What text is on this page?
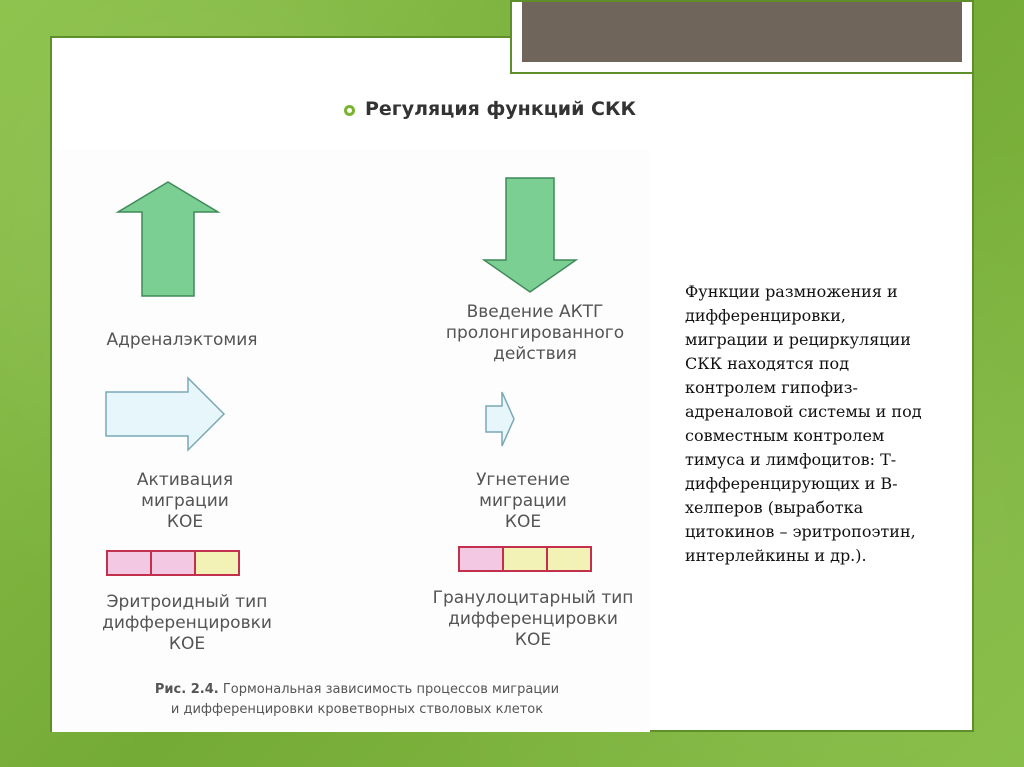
Регуляция функций СКК
Адреналэктомия
Введение АКТГ
пролонгированного
действия
Активация
миграции
КОЕ
Угнетение
миграции
КОЕ
Эритроидный тип
дифференцировки
КОЕ
Гранулоцитарный тип
дифференцировки
КОЕ
Рис. 2.4. Гормональная зависимость процессов миграции
и дифференцировки кроветворных стволовых клеток
Функции размножения и
дифференцировки,
миграции и рециркуляции
СКК находятся под
контролем гипофиз-
адреналовой системы и под
совместным контролем
тимуса и лимфоцитов: Т-
дифференцирующих и В-
хелперов (выработка
цитокинов – эритропоэтин,
интерлейкины и др.).
